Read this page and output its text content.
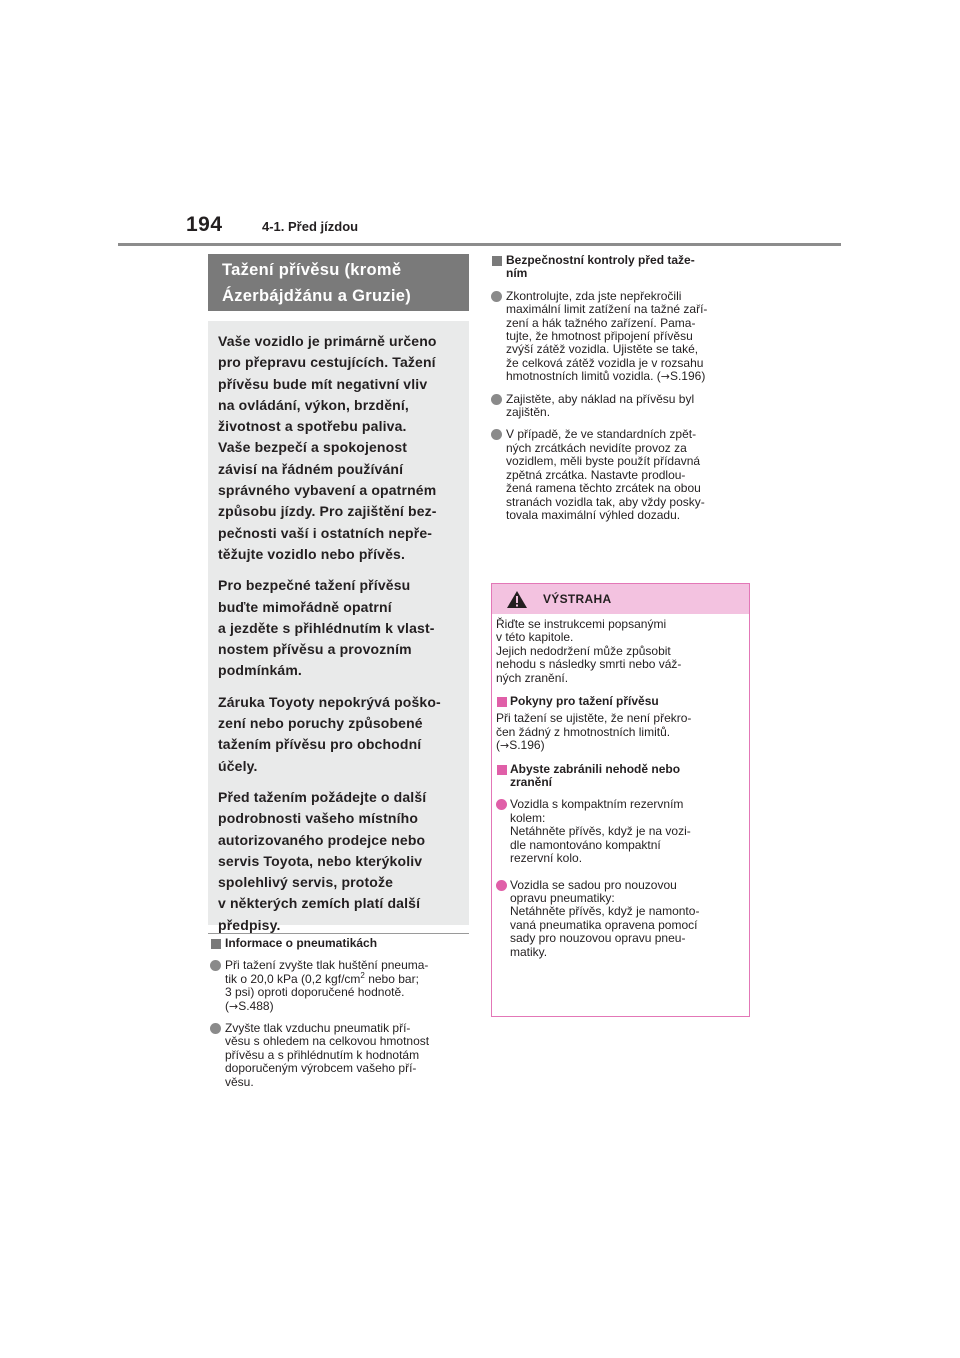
194	4-1. Před jízdou
Tažení přívěsu (kromě
Ázerbájdžánu a Gruzie)

Vaše vozidlo je primárně určeno
pro přepravu cestujících. Tažení
přívěsu bude mít negativní vliv
na ovládání, výkon, brzdění,
životnost a spotřebu paliva.
Vaše bezpečí a spokojenost
závisí na řádném používání
správného vybavení a opatrném
způsobu jízdy. Pro zajištění bez-
pečnosti vaší i ostatních nepře-
těžujte vozidlo nebo přívěs.

Pro bezpečné tažení přívěsu
buďte mimořádně opatrní
a jezděte s přihlédnutím k vlast-
nostem přívěsu a provozním
podmínkám.

Záruka Toyoty nepokrývá poško-
zení nebo poruchy způsobené
tažením přívěsu pro obchodní
účely.

Před tažením požádejte o další
podrobnosti vašeho místního
autorizovaného prodejce nebo
servis Toyota, nebo kterýkoliv
spolehlivý servis, protože
v některých zemích platí další
předpisy.

Informace o pneumatikách
Při tažení zvyšte tlak huštění pneuma-
tik o 20,0 kPa (0,2 kgf/$cm^2$ nebo bar;
3 psi) oproti doporučené hodnotě.
(→S.488)
Zvyšte tlak vzduchu pneumatik pří-
věsu s ohledem na celkovou hmotnost
přívěsu a s přihlédnutím k hodnotám
doporučeným výrobcem vašeho pří-
věsu.
Bezpečnostní kontroly před taže-
ním
Zkontrolujte, zda jste nepřekročili
maximální limit zatížení na tažné zaří-
zení a hák tažného zařízení. Pama-
tujte, že hmotnost připojení přívěsu
zvýší zátěž vozidla. Ujistěte se také,
že celková zátěž vozidla je v rozsahu
hmotnostních limitů vozidla. (→S.196)
Zajistěte, aby náklad na přívěsu byl
zajištěn.
V případě, že ve standardních zpět-
ných zrcátkách nevidíte provoz za
vozidlem, měli byste použít přídavná
zpětná zrcátka. Nastavte prodlou-
žená ramena těchto zrcátek na obou
stranách vozidla tak, aby vždy posky-
tovala maximální výhled dozadu.
VÝSTRAHA
Řiďte se instrukcemi popsanými
v této kapitole.
Jejich nedodržení může způsobit
nehodu s následky smrti nebo váž-
ných zranění.
Pokyny pro tažení přívěsu
Při tažení se ujistěte, že není překro-
čen žádný z hmotnostních limitů.
(→S.196)
Abyste zabránili nehodě nebo
zranění
Vozidla s kompaktním rezervním
kolem:
Netáhněte přívěs, když je na vozi-
dle namontováno kompaktní
rezervní kolo.
Vozidla se sadou pro nouzovou
opravu pneumatiky:
Netáhněte přívěs, když je namonto-
vaná pneumatika opravena pomocí
sady pro nouzovou opravu pneu-
matiky.
